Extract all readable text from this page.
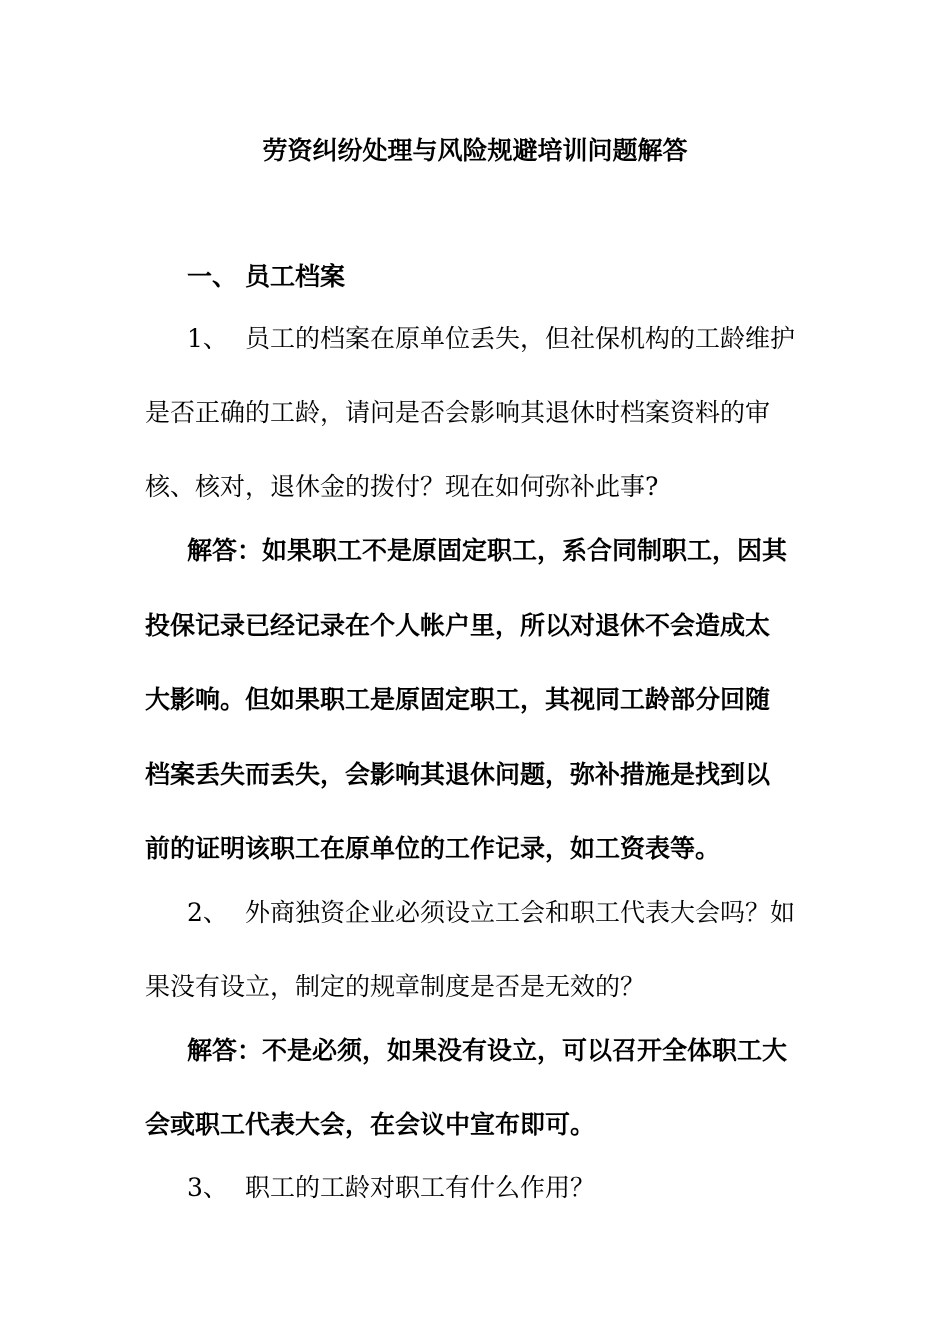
劳资纠纷处理与风险规避培训问题解答
一、 员工档案
1、 员工的档案在原单位丢失，但社保机构的工龄维护
是否正确的工龄，请问是否会影响其退休时档案资料的审
核、核对，退休金的拨付？现在如何弥补此事?
解答：如果职工不是原固定职工，系合同制职工，因其
投保记录已经记录在个人帐户里，所以对退休不会造成太
大影响。但如果职工是原固定职工，其视同工龄部分回随
档案丢失而丢失，会影响其退休问题，弥补措施是找到以
前的证明该职工在原单位的工作记录，如工资表等。
2、 外商独资企业必须设立工会和职工代表大会吗？如
果没有设立，制定的规章制度是否是无效的？
解答：不是必须，如果没有设立，可以召开全体职工大
会或职工代表大会，在会议中宣布即可。
3、 职工的工龄对职工有什么作用？
